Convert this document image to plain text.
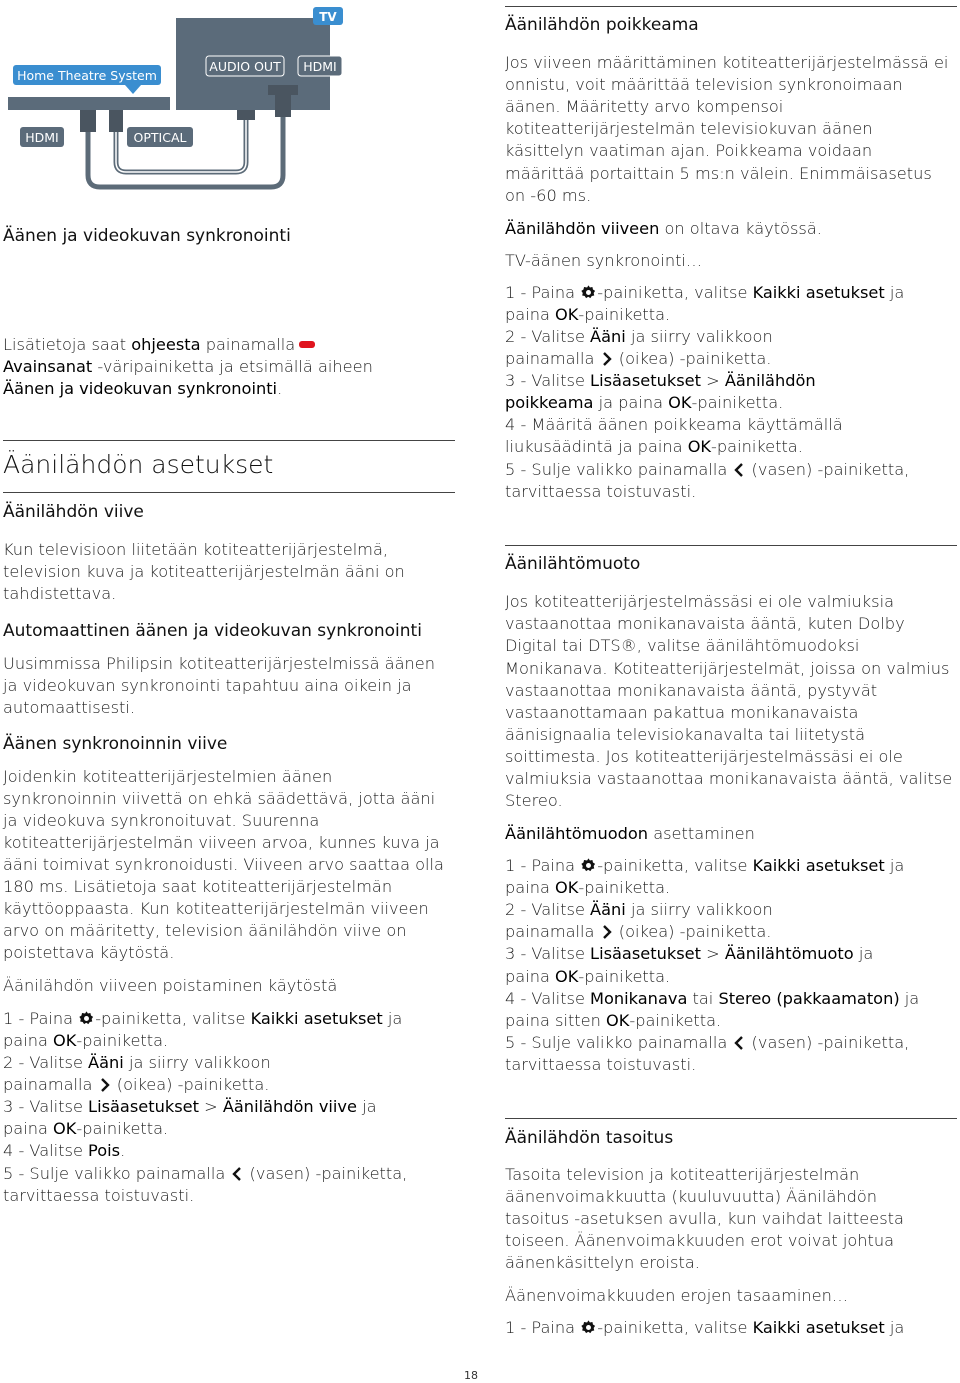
TV
AUDIO OUT HDMI
Home Theatre System
HDMI	OPTICAL
Äänen ja videokuvan synkronointi
Lisätietoja saat ohjeesta painamalla
Avainsanat -väripainiketta ja etsimällä aiheen
Äänen ja videokuvan synkronointi.
Äänilähdön asetukset
Äänilähdön viive
Kun televisioon liitetään kotiteatterijärjestelmä,
television kuva ja kotiteatterijärjestelmän ääni on
tahdistettava.
Automaattinen äänen ja videokuvan synkronointi
Uusimmissa Philipsin kotiteatterijärjestelmissä äänen
ja videokuvan synkronointi tapahtuu aina oikein ja
automaattisesti.
Äänen synkronoinnin viive
Joidenkin kotiteatterijärjestelmien äänen
synkronoinnin viivettä on ehkä säädettävä, jotta ääni
ja videokuva synkronoituvat. Suurenna
kotiteatterijärjestelmän viiveen arvoa, kunnes kuva ja
ääni toimivat synkronoidusti. Viiveen arvo saattaa olla
180 ms. Lisätietoja saat kotiteatterijärjestelmän
käyttöoppaasta. Kun kotiteatterijärjestelmän viiveen
arvo on määritetty, television äänilähdön viive on
poistettava käytöstä.
Äänilähdön viiveen poistaminen käytöstä
1 - Paina -painiketta, valitse Kaikki asetukset ja
paina OK-painiketta.
2 - Valitse Ääni ja siirry valikkoon
painamalla  (oikea) -painiketta.
3 - Valitse Lisäasetukset > Äänilähdön viive ja
paina OK-painiketta.
4 - Valitse Pois.
5 - Sulje valikko painamalla  (vasen) -painiketta,
tarvittaessa toistuvasti.
Äänilähdön poikkeama
Jos viiveen määrittäminen kotiteatterijärjestelmässä ei
onnistu, voit määrittää television synkronoimaan
äänen. Määritetty arvo kompensoi
kotiteatterijärjestelmän televisiokuvan äänen
käsittelyn vaatiman ajan. Poikkeama voidaan
määrittää portaittain 5 ms:n välein. Enimmäisasetus
on -60 ms.
Äänilähdön viiveen on oltava käytössä.
TV-äänen synkronointi…
1 - Paina -painiketta, valitse Kaikki asetukset ja
paina OK-painiketta.
2 - Valitse Ääni ja siirry valikkoon
painamalla  (oikea) -painiketta.
3 - Valitse Lisäasetukset > Äänilähdön
poikkeama ja paina OK-painiketta.
4 - Määritä äänen poikkeama käyttämällä
liukusäädintä ja paina OK-painiketta.
5 - Sulje valikko painamalla  (vasen) -painiketta,
tarvittaessa toistuvasti.
Äänilähtömuoto
Jos kotiteatterijärjestelmässäsi ei ole valmiuksia
vastaanottaa monikanavaista ääntä, kuten Dolby
Digital tai DTS®, valitse äänilähtömuodoksi
Monikanava. Kotiteatterijärjestelmät, joissa on valmius
vastaanottaa monikanavaista ääntä, pystyvät
vastaanottamaan pakattua monikanavaista
äänisignaalia televisiokanavalta tai liitetystä
soittimesta. Jos kotiteatterijärjestelmässäsi ei ole
valmiuksia vastaanottaa monikanavaista ääntä, valitse
Stereo.
Äänilähtömuodon asettaminen
1 - Paina -painiketta, valitse Kaikki asetukset ja
paina OK-painiketta.
2 - Valitse Ääni ja siirry valikkoon
painamalla  (oikea) -painiketta.
3 - Valitse Lisäasetukset > Äänilähtömuoto ja
paina OK-painiketta.
4 - Valitse Monikanava tai Stereo (pakkaamaton) ja
paina sitten OK-painiketta.
5 - Sulje valikko painamalla  (vasen) -painiketta,
tarvittaessa toistuvasti.
Äänilähdön tasoitus
Tasoita television ja kotiteatterijärjestelmän
äänenvoimakkuutta (kuuluvuutta) Äänilähdön
tasoitus -asetuksen avulla, kun vaihdat laitteesta
toiseen. Äänenvoimakkuuden erot voivat johtua
äänenkäsittelyn eroista.
Äänenvoimakkuuden erojen tasaaminen…
1 - Paina -painiketta, valitse Kaikki asetukset ja
18
